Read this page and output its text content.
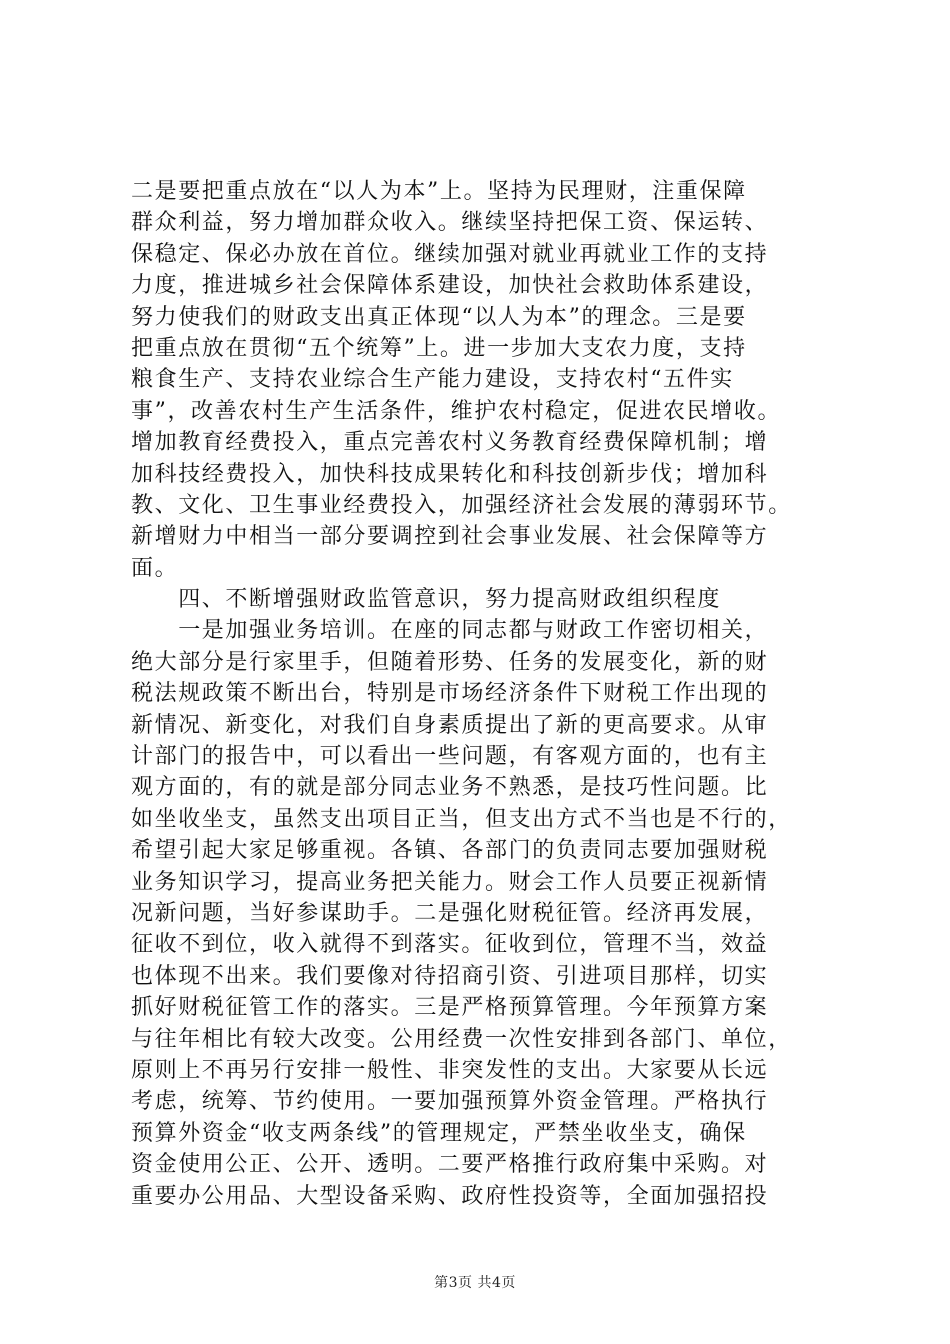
二是要把重点放在“以人为本”上。坚持为民理财，注重保障
群众利益，努力增加群众收入。继续坚持把保工资、保运转、
保稳定、保必办放在首位。继续加强对就业再就业工作的支持
力度，推进城乡社会保障体系建设，加快社会救助体系建设，
努力使我们的财政支出真正体现“以人为本”的理念。三是要
把重点放在贯彻“五个统筹”上。进一步加大支农力度，支持
粮食生产、支持农业综合生产能力建设，支持农村“五件实
事”，改善农村生产生活条件，维护农村稳定，促进农民增收。
增加教育经费投入，重点完善农村义务教育经费保障机制；增
加科技经费投入，加快科技成果转化和科技创新步伐；增加科
教、文化、卫生事业经费投入，加强经济社会发展的薄弱环节。
新增财力中相当一部分要调控到社会事业发展、社会保障等方
面。
　　四、不断增强财政监管意识，努力提高财政组织程度
　　一是加强业务培训。在座的同志都与财政工作密切相关，
绝大部分是行家里手，但随着形势、任务的发展变化，新的财
税法规政策不断出台，特别是市场经济条件下财税工作出现的
新情况、新变化，对我们自身素质提出了新的更高要求。从审
计部门的报告中，可以看出一些问题，有客观方面的，也有主
观方面的，有的就是部分同志业务不熟悉，是技巧性问题。比
如坐收坐支，虽然支出项目正当，但支出方式不当也是不行的，
希望引起大家足够重视。各镇、各部门的负责同志要加强财税
业务知识学习，提高业务把关能力。财会工作人员要正视新情
况新问题，当好参谋助手。二是强化财税征管。经济再发展，
征收不到位，收入就得不到落实。征收到位，管理不当，效益
也体现不出来。我们要像对待招商引资、引进项目那样，切实
抓好财税征管工作的落实。三是严格预算管理。今年预算方案
与往年相比有较大改变。公用经费一次性安排到各部门、单位，
原则上不再另行安排一般性、非突发性的支出。大家要从长远
考虑，统筹、节约使用。一要加强预算外资金管理。严格执行
预算外资金“收支两条线”的管理规定，严禁坐收坐支，确保
资金使用公正、公开、透明。二要严格推行政府集中采购。对
重要办公用品、大型设备采购、政府性投资等，全面加强招投
第3页 共4页
